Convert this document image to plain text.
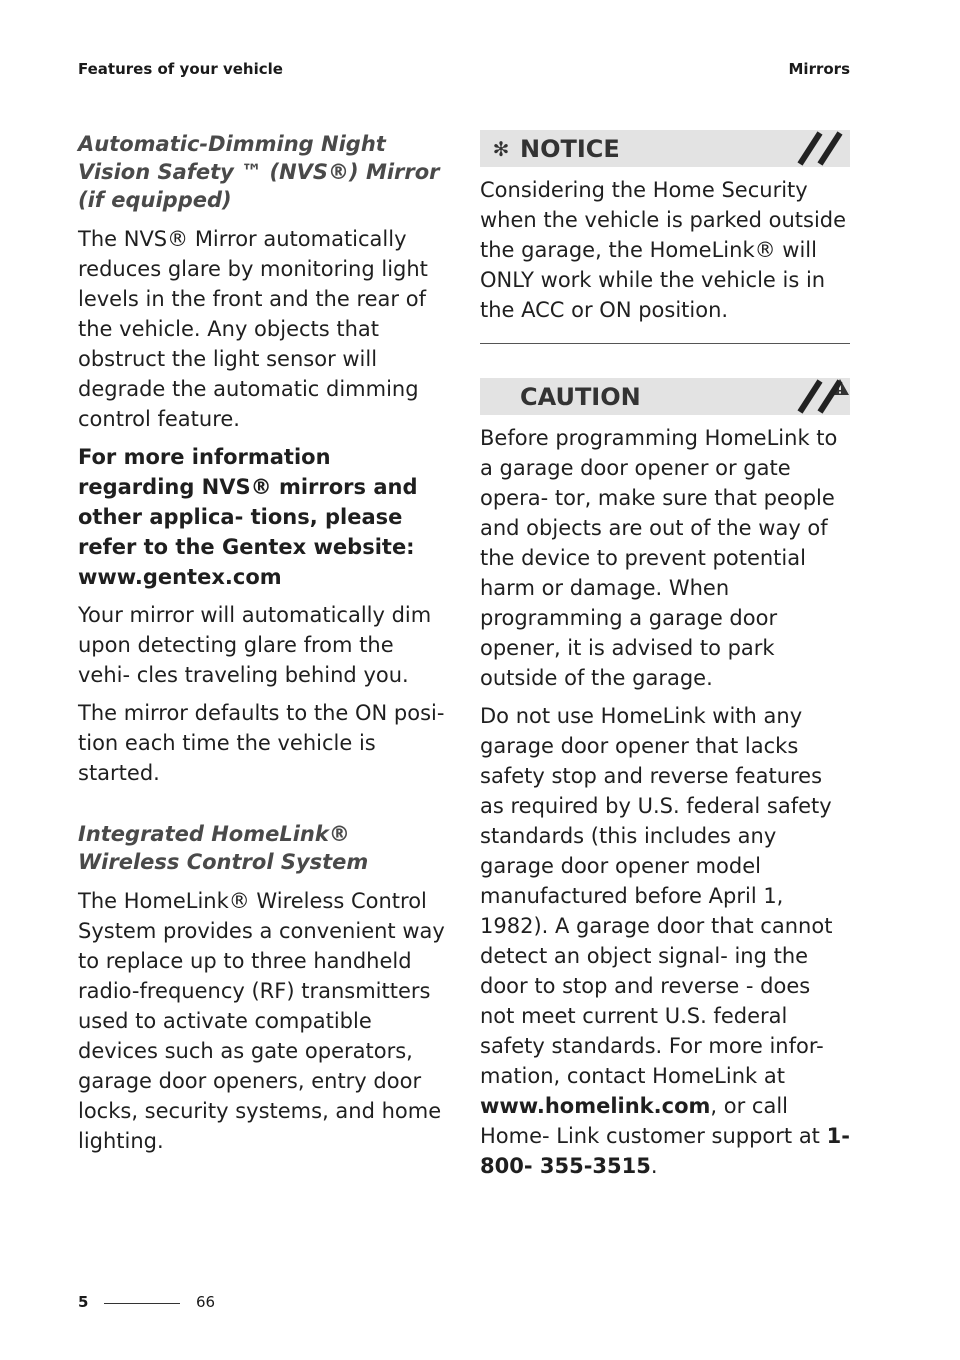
Features of your vehicle	Mirrors
Automatic-Dimming Night Vision Safety ™ (NVS®) Mirror (if equipped)

The NVS® Mirror automatically reduces glare by monitoring light levels in the front and the rear of the vehicle. Any objects that obstruct the light sensor will degrade the automatic dimming control feature.

For more information regarding NVS® mirrors and other applica- tions, please refer to the Gentex website: www.gentex.com

Your mirror will automatically dim upon detecting glare from the vehi- cles traveling behind you.

The mirror defaults to the ON posi- tion each time the vehicle is started.

Integrated HomeLink® Wireless Control System

The HomeLink® Wireless Control System provides a convenient way to replace up to three handheld radio-frequency (RF) transmitters used to activate compatible devices such as gate operators, garage door openers, entry door locks, security systems, and home lighting.

✻ NOTICE

Considering the Home Security when the vehicle is parked outside the garage, the HomeLink® will ONLY work while the vehicle is in the ACC or ON position.

CAUTION

Before programming HomeLink to a garage door opener or gate opera- tor, make sure that people and objects are out of the way of the device to prevent potential harm or damage. When programming a garage door opener, it is advised to park outside of the garage.

Do not use HomeLink with any garage door opener that lacks safety stop and reverse features as required by U.S. federal safety standards (this includes any garage door opener model manufactured before April 1, 1982). A garage door that cannot detect an object signal- ing the door to stop and reverse - does not meet current U.S. federal safety standards. For more infor- mation, contact HomeLink at www.homelink.com, or call Home- Link customer support at 1-800- 355-3515.

5	66
